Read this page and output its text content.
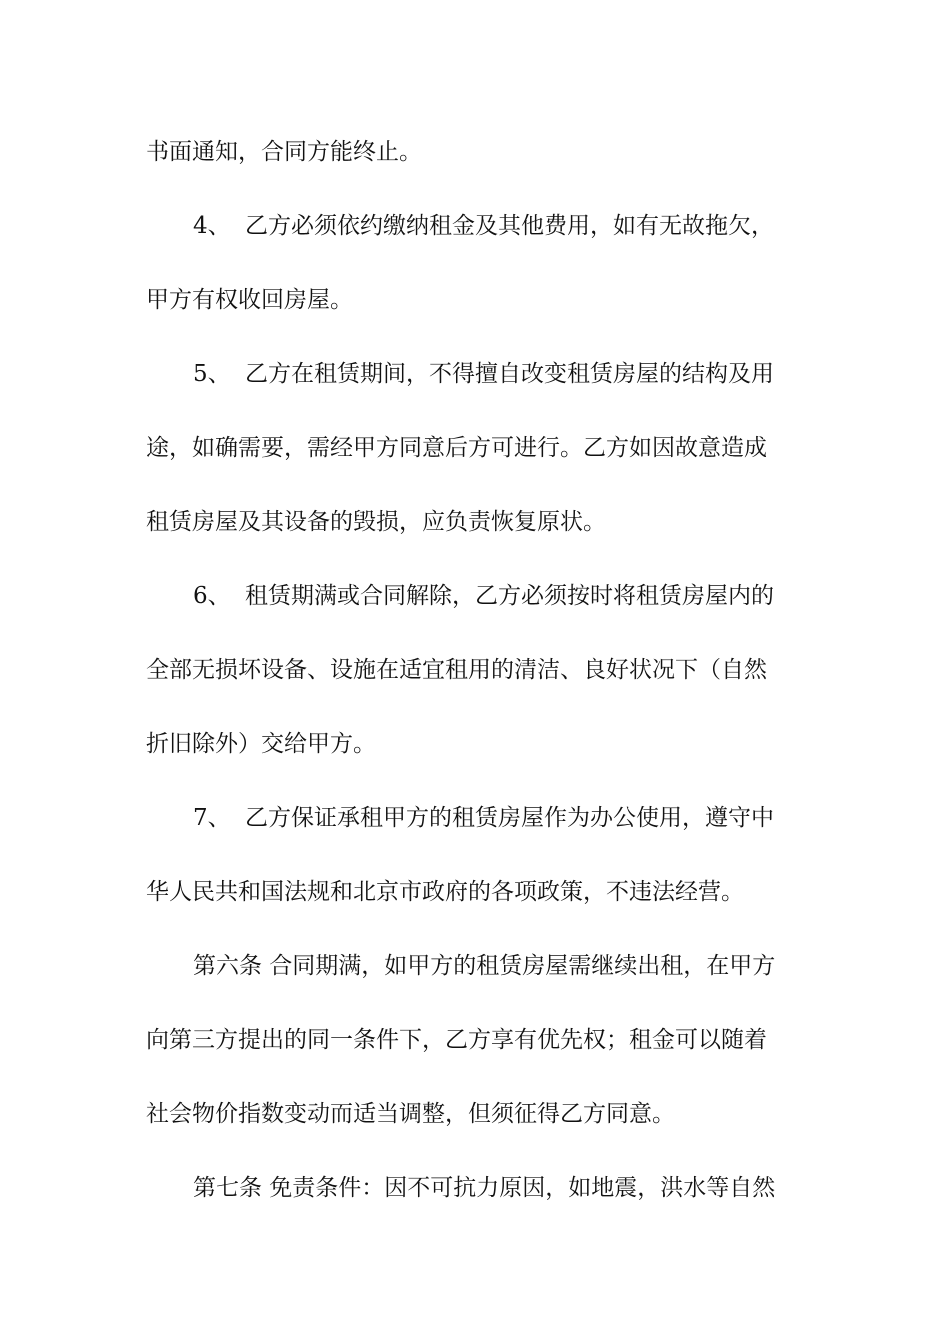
书面通知，合同方能终止。
4、 乙方必须依约缴纳租金及其他费用，如有无故拖欠，
甲方有权收回房屋。
5、 乙方在租赁期间，不得擅自改变租赁房屋的结构及用
途，如确需要，需经甲方同意后方可进行。乙方如因故意造成
租赁房屋及其设备的毁损，应负责恢复原状。
6、 租赁期满或合同解除，乙方必须按时将租赁房屋内的
全部无损坏设备、设施在适宜租用的清洁、良好状况下（自然
折旧除外）交给甲方。
7、 乙方保证承租甲方的租赁房屋作为办公使用，遵守中
华人民共和国法规和北京市政府的各项政策，不违法经营。
第六条 合同期满，如甲方的租赁房屋需继续出租，在甲方
向第三方提出的同一条件下，乙方享有优先权；租金可以随着
社会物价指数变动而适当调整，但须征得乙方同意。
第七条 免责条件：因不可抗力原因，如地震，洪水等自然
